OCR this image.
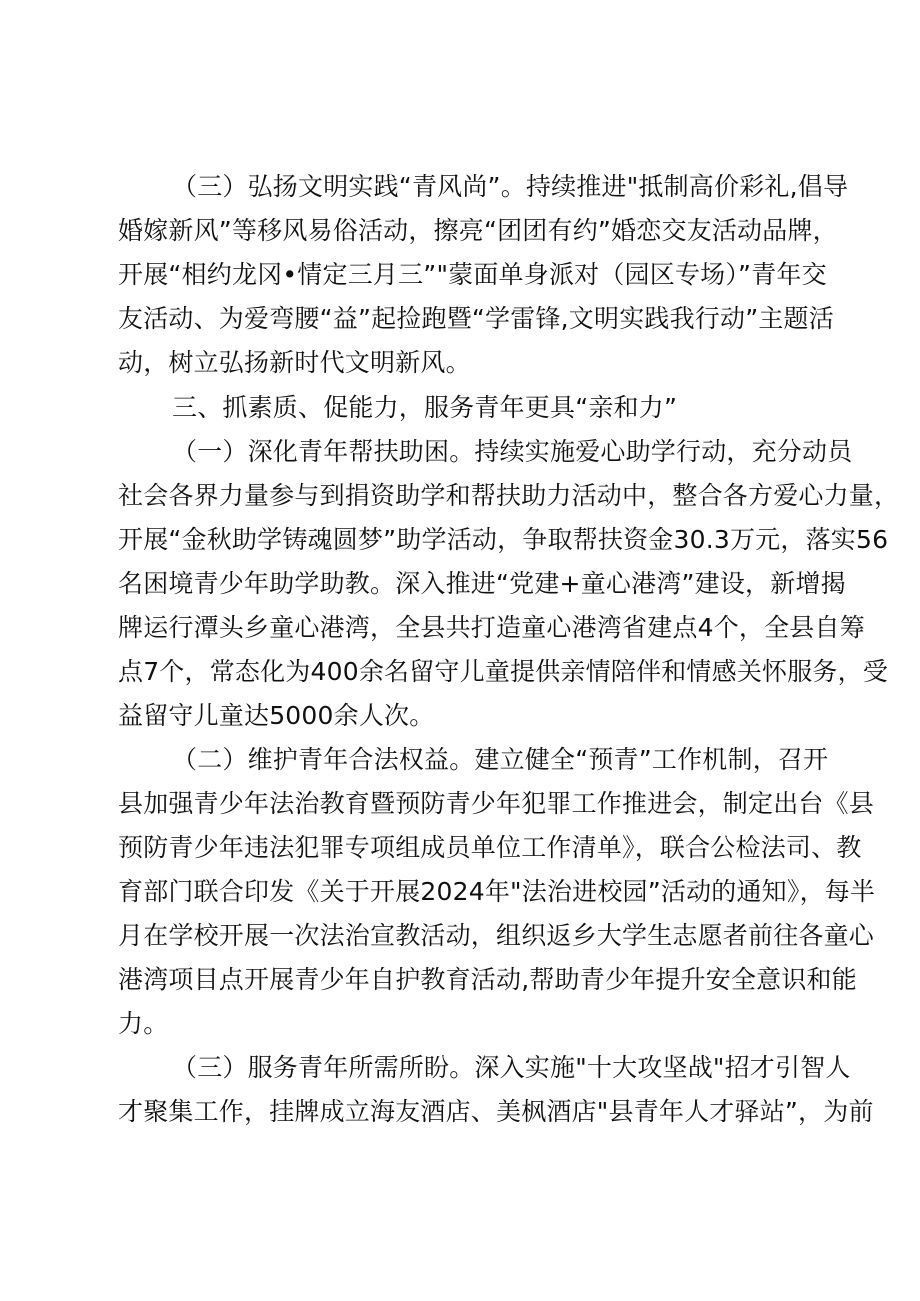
（三）弘扬文明实践“青风尚”。持续推进"抵制高价彩礼,倡导
婚嫁新风”等移风易俗活动，擦亮“团团有约”婚恋交友活动品牌，
开展“相约龙冈•情定三月三”"蒙面单身派对（园区专场）”青年交
友活动、为爱弯腰“益”起捡跑暨“学雷锋,文明实践我行动”主题活
动，树立弘扬新时代文明新风。
三、抓素质、促能力，服务青年更具“亲和力”
（一）深化青年帮扶助困。持续实施爱心助学行动，充分动员
社会各界力量参与到捐资助学和帮扶助力活动中，整合各方爱心力量，
开展“金秋助学铸魂圆梦”助学活动，争取帮扶资金30.3万元，落实56
名困境青少年助学助教。深入推进“党建+童心港湾”建设，新增揭
牌运行潭头乡童心港湾，全县共打造童心港湾省建点4个，全县自筹
点7个，常态化为400余名留守儿童提供亲情陪伴和情感关怀服务，受
益留守儿童达5000余人次。
（二）维护青年合法权益。建立健全“预青”工作机制，召开
县加强青少年法治教育暨预防青少年犯罪工作推进会，制定出台《县
预防青少年违法犯罪专项组成员单位工作清单》，联合公检法司、教
育部门联合印发《关于开展2024年"法治进校园”活动的通知》，每半
月在学校开展一次法治宣教活动，组织返乡大学生志愿者前往各童心
港湾项目点开展青少年自护教育活动,帮助青少年提升安全意识和能
力。
（三）服务青年所需所盼。深入实施"十大攻坚战"招才引智人
才聚集工作，挂牌成立海友酒店、美枫酒店"县青年人才驿站”，为前
